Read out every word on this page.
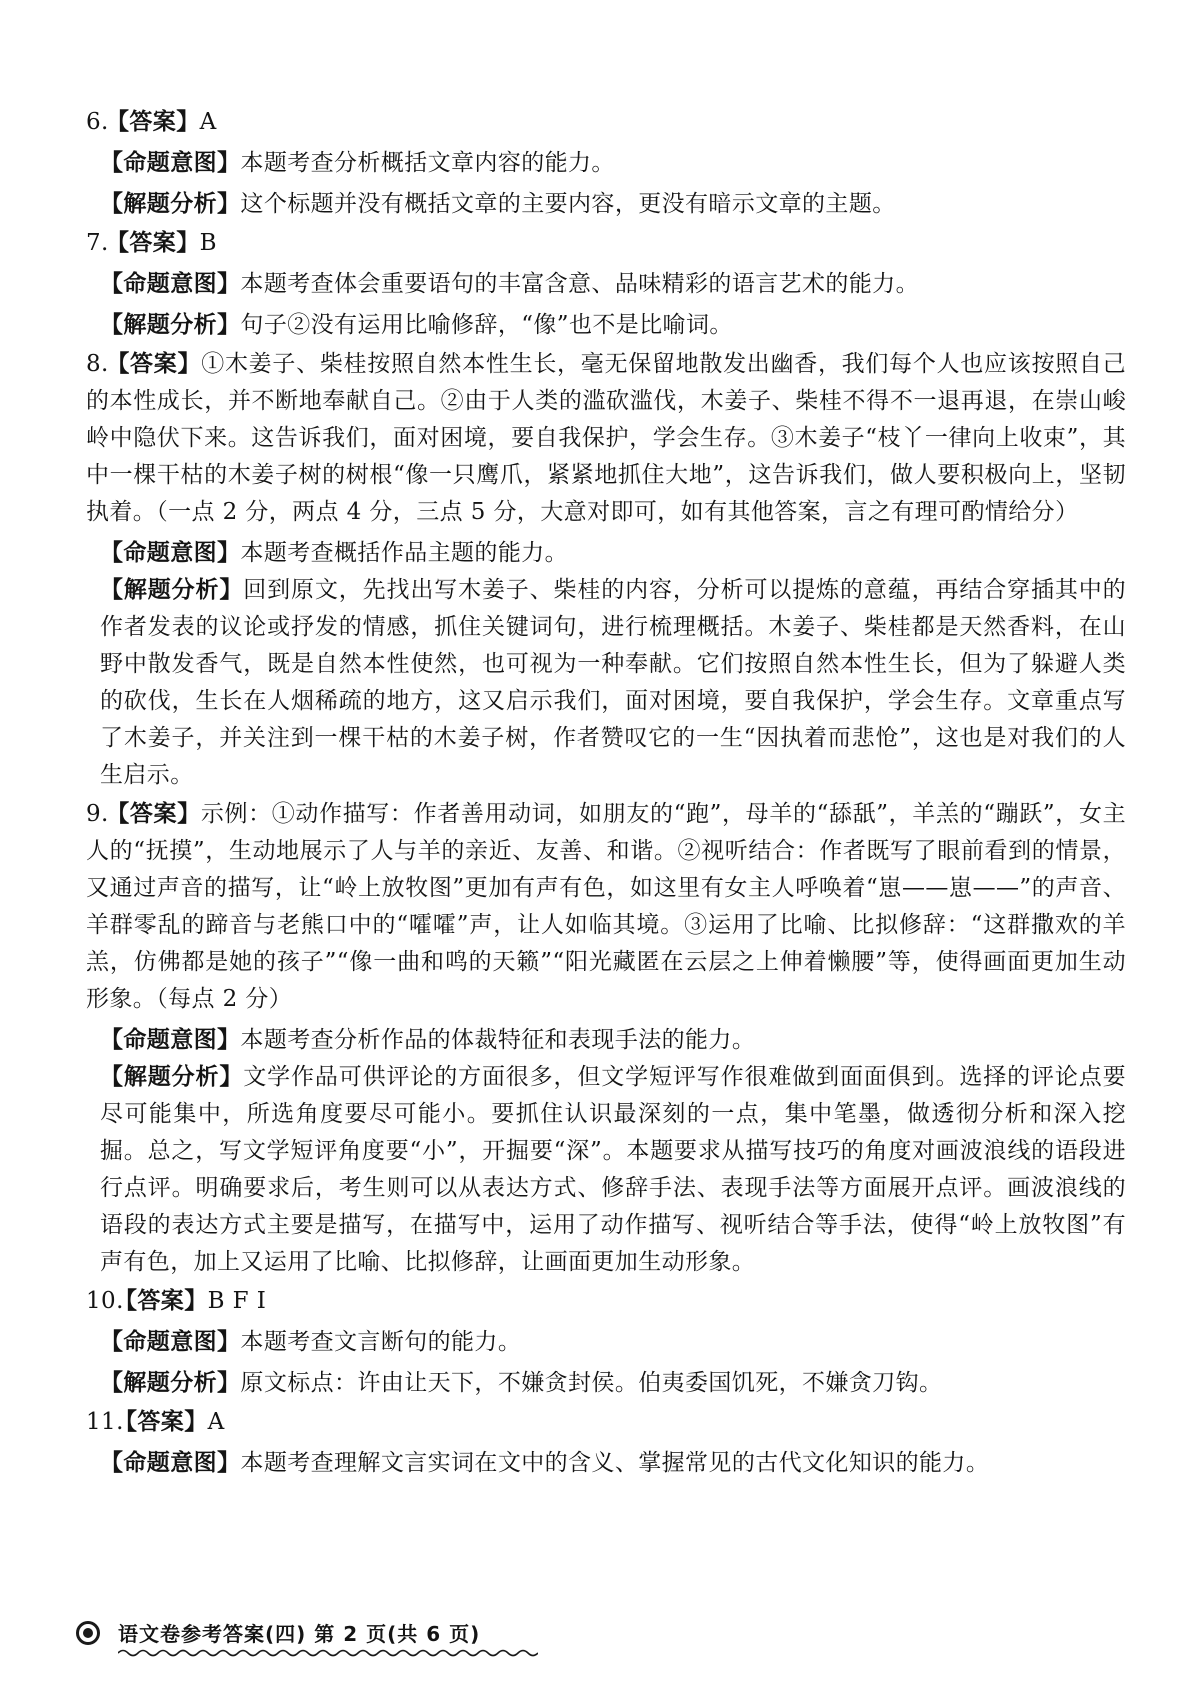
6. 【 答案 】 A

【 命题意图 】 本题考查分析概括文章内容的能力。

【 解题分析 】 这个标题并没有概括文章的主要内容，更没有暗示文章的主题。

7. 【 答案 】 B

【 命题意图 】 本题考查体会重要语句的丰富含意、品味精彩的语言艺术的能力。

【 解题分析 】 句子②没有运用比喻修辞，“像”也不是比喻词。

8. 【 答案 】 ①木姜子、柴桂按照自然本性生长，毫无保留地散发出幽香，我们每个人也应该按照自己的本性成长，并不断地奉献自己。②由于人类的滥砍滥伐，木姜子、柴桂不得不一退再退，在崇山峻岭中隐伏下来。这告诉我们，面对困境，要自我保护，学会生存。③木姜子“枝丫一律向上收束”，其中一棵干枯的木姜子树的树根“像一只鹰爪，紧紧地抓住大地”，这告诉我们，做人要积极向上，坚韧执着。（一点 2 分，两点 4 分，三点 5 分，大意对即可，如有其他答案，言之有理可酌情给分）

【 命题意图 】 本题考查概括作品主题的能力。

【 解题分析 】 回到原文，先找出写木姜子、柴桂的内容，分析可以提炼的意蕴，再结合穿插其中的作者发表的议论或抒发的情感，抓住关键词句，进行梳理概括。木姜子、柴桂都是天然香料，在山野中散发香气，既是自然本性使然，也可视为一种奉献。它们按照自然本性生长，但为了躲避人类的砍伐，生长在人烟稀疏的地方，这又启示我们，面对困境，要自我保护，学会生存。文章重点写了木姜子，并关注到一棵干枯的木姜子树，作者赞叹它的一生“因执着而悲怆”，这也是对我们的人生启示。

9. 【 答案 】 示例：①动作描写：作者善用动词，如朋友的“跑”，母羊的“舔舐”，羊羔的“蹦跃”，女主人的“抚摸”，生动地展示了人与羊的亲近、友善、和谐。②视听结合：作者既写了眼前看到的情景，又通过声音的描写，让“岭上放牧图”更加有声有色，如这里有女主人呼唤着“崽——崽——”的声音、羊群零乱的蹄音与老熊口中的“嚯嚯”声，让人如临其境。③运用了比喻、比拟修辞：“这群撒欢的羊羔，仿佛都是她的孩子”“像一曲和鸣的天籁”“阳光藏匿在云层之上伸着懒腰”等，使得画面更加生动形象。（每点 2 分）

【 命题意图 】 本题考查分析作品的体裁特征和表现手法的能力。

【 解题分析 】 文学作品可供评论的方面很多，但文学短评写作很难做到面面俱到。选择的评论点要尽可能集中，所选角度要尽可能小。要抓住认识最深刻的一点，集中笔墨，做透彻分析和深入挖掘。总之，写文学短评角度要“小”，开掘要“深”。本题要求从描写技巧的角度对画波浪线的语段进行点评。明确要求后，考生则可以从表达方式、修辞手法、表现手法等方面展开点评。画波浪线的语段的表达方式主要是描写，在描写中，运用了动作描写、视听结合等手法，使得“岭上放牧图”有声有色，加上又运用了比喻、比拟修辞，让画面更加生动形象。

10. 【 答案 】 B F I

【 命题意图 】 本题考查文言断句的能力。

【 解题分析 】 原文标点：许由让天下，不嫌贪封侯。伯夷委国饥死，不嫌贪刀钩。

11. 【 答案 】 A

【 命题意图 】 本题考查理解文言实词在文中的含义、掌握常见的古代文化知识的能力。

语文卷参考答案(四) 第 2 页(共 6 页)
